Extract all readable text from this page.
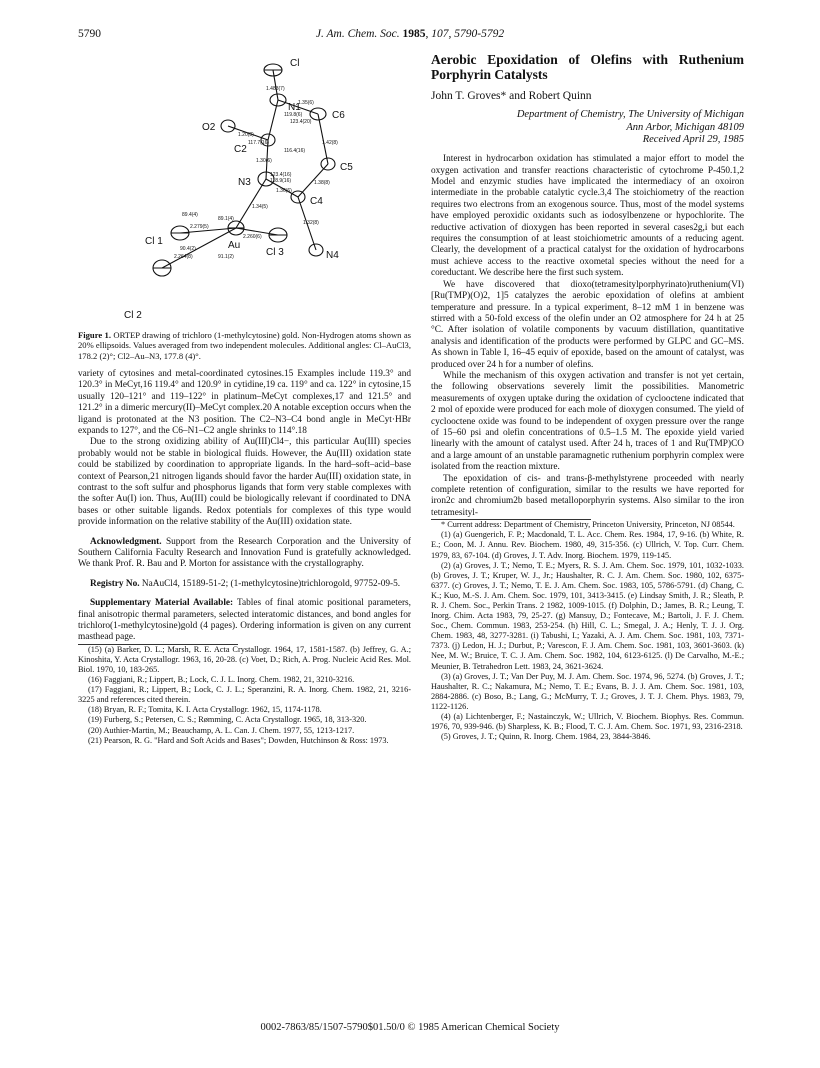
5790	J. Am. Chem. Soc. 1985, 107, 5790-5792
Cl
N1
C6
O2
C2
C5
N3
C4
Cl 1	Au
Cl 3	N4
Cl 2
1.483(7)
1.35(6)
1.20(8)
1.42(8)
1.30(6)
1.38(8)
1.36(6)
1.34(5)
1.32(8)
2.279(5)
2.260(6)
2.264(8)
119.8(6)
123.4(20)
117.7(16)
116.4(16)
123.4(16)
118.9(16)
89.4(4)
89.1(4)
90.4(2)
91.1(2)

Figure 1. ORTEP drawing of trichloro (1-methylcytosine) gold. Non-Hydrogen atoms shown as 20% ellipsoids. Values averaged from two independent molecules. Additional angles: Cl–AuCl3, 178.2 (2)°; Cl2–Au–N3, 177.8 (4)°.

variety of cytosines and metal-coordinated cytosines.15 Examples include 119.3° and 120.3° in MeCyt,16 119.4° and 120.9° in cytidine,19 ca. 119° and ca. 122° in cytosine,15 usually 120–121° and 119–122° in platinum–MeCyt complexes,17 and 121.5° and 121.2° in a dimeric mercury(II)–MeCyt complex.20 A notable exception occurs when the ligand is protonated at the N3 position. The C2–N3–C4 bond angle in MeCyt·HBr expands to 127°, and the C6–N1–C2 angle shrinks to 114°.18

Due to the strong oxidizing ability of Au(III)Cl4−, this particular Au(III) species probably would not be stable in biological fluids. However, the Au(III) oxidation state could be stabilized by coordination to appropriate ligands. In the hard–soft–acid–base context of Pearson,21 nitrogen ligands should favor the harder Au(III) oxidation state, in contrast to the soft sulfur and phosphorus ligands that form very stable complexes with the softer Au(I) ion. Thus, Au(III) could be biologically relevant if coordinated to DNA bases or other suitable ligands. Redox potentials for complexes of this type would provide information on the relative stability of the Au(III) oxidation state.

Acknowledgment. Support from the Research Corporation and the University of Southern California Faculty Research and Innovation Fund is gratefully acknowledged. We thank Prof. R. Bau and P. Morton for assistance with the crystallography.

Registry No. NaAuCl4, 15189-51-2; (1-methylcytosine)trichlorogold, 97752-09-5.

Supplementary Material Available: Tables of final atomic positional parameters, final anisotropic thermal parameters, selected interatomic distances, and bond angles for trichloro(1-methylcytosine)gold (4 pages). Ordering information is given on any current masthead page.

(15) (a) Barker, D. L.; Marsh, R. E. Acta Crystallogr. 1964, 17, 1581-1587. (b) Jeffrey, G. A.; Kinoshita, Y. Acta Crystallogr. 1963, 16, 20-28. (c) Voet, D.; Rich, A. Prog. Nucleic Acid Res. Mol. Biol. 1970, 10, 183-265.

(16) Faggiani, R.; Lippert, B.; Lock, C. J. L. Inorg. Chem. 1982, 21, 3210-3216.

(17) Faggiani, R.; Lippert, B.; Lock, C. J. L.; Speranzini, R. A. Inorg. Chem. 1982, 21, 3216-3225 and references cited therein.

(18) Bryan, R. F.; Tomita, K. I. Acta Crystallogr. 1962, 15, 1174-1178.

(19) Furberg, S.; Petersen, C. S.; Rømming, C. Acta Crystallogr. 1965, 18, 313-320.

(20) Authier-Martin, M.; Beauchamp, A. L. Can. J. Chem. 1977, 55, 1213-1217.

(21) Pearson, R. G. "Hard and Soft Acids and Bases"; Dowden, Hutchinson & Ross: 1973.

Aerobic Epoxidation of Olefins with Ruthenium Porphyrin Catalysts
John T. Groves* and Robert Quinn
Department of Chemistry, The University of Michigan
Ann Arbor, Michigan 48109
Received April 29, 1985

Interest in hydrocarbon oxidation has stimulated a major effort to model the oxygen activation and transfer reactions characteristic of cytochrome P-450.1,2 Model and enzymic studies have implicated the intermediacy of an oxoiron intermediate in the probable catalytic cycle.3,4 The stoichiometry of the reaction requires two electrons from an exogenous source. Thus, most of the model systems have employed peroxidic oxidants such as iodosylbenzene or hypochlorite. The reductive activation of dioxygen has been reported in several cases2g,i but each requires the consumption of at least stoichiometric amounts of a reducing agent. Clearly, the development of a practical catalyst for the oxidation of hydrocarbons must achieve access to the reactive oxometal species without the need for a coreductant. We describe here the first such system.

We have discovered that dioxo(tetramesitylporphyrinato)ruthenium(VI) [Ru(TMP)(O)2, 1]5 catalyzes the aerobic epoxidation of olefins at ambient temperature and pressure. In a typical experiment, 8–12 mM 1 in benzene was stirred with a 50-fold excess of the olefin under an O2 atmosphere for 24 h at 25 °C. After isolation of volatile components by vacuum distillation, quantitative analysis and identification of the products were performed by GLPC and GC–MS. As shown in Table I, 16–45 equiv of epoxide, based on the amount of catalyst, was produced over 24 h for a number of olefins.

While the mechanism of this oxygen activation and transfer is not yet certain, the following observations severely limit the possibilities. Manometric measurements of oxygen uptake during the oxidation of cyclooctene indicated that 2 mol of epoxide were produced for each mole of dioxygen consumed. The yield of cyclooctene oxide was found to be independent of oxygen pressure over the range of 15–60 psi and olefin concentrations of 0.5–1.5 M. The epoxide yield varied linearly with the amount of catalyst used. After 24 h, traces of 1 and Ru(TMP)CO and a large amount of an unstable paramagnetic ruthenium porphyrin complex were isolated from the reaction mixture.

The epoxidation of cis- and trans-β-methylstyrene proceeded with nearly complete retention of configuration, similar to the results we have reported for iron2c and chromium2b based metalloporphyrin systems. Also similar to the iron tetramesityl-

* Current address: Department of Chemistry, Princeton University, Princeton, NJ 08544.

(1) (a) Guengerich, F. P.; Macdonald, T. L. Acc. Chem. Res. 1984, 17, 9-16. (b) White, R. E.; Coon, M. J. Annu. Rev. Biochem. 1980, 49, 315-356. (c) Ullrich, V. Top. Curr. Chem. 1979, 83, 67-104. (d) Groves, J. T. Adv. Inorg. Biochem. 1979, 119-145.

(2) (a) Groves, J. T.; Nemo, T. E.; Myers, R. S. J. Am. Chem. Soc. 1979, 101, 1032-1033. (b) Groves, J. T.; Kruper, W. J., Jr.; Haushalter, R. C. J. Am. Chem. Soc. 1980, 102, 6375-6377. (c) Groves, J. T.; Nemo, T. E. J. Am. Chem. Soc. 1983, 105, 5786-5791. (d) Chang, C. K.; Kuo, M.-S. J. Am. Chem. Soc. 1979, 101, 3413-3415. (e) Lindsay Smith, J. R.; Sleath, P. R. J. Chem. Soc., Perkin Trans. 2 1982, 1009-1015. (f) Dolphin, D.; James, B. R.; Leung, T. Inorg. Chim. Acta 1983, 79, 25-27. (g) Mansuy, D.; Fontecave, M.; Bartoli, J. F. J. Chem. Soc., Chem. Commun. 1983, 253-254. (h) Hill, C. L.; Smegal, J. A.; Henly, T. J. J. Org. Chem. 1983, 48, 3277-3281. (i) Tabushi, I.; Yazaki, A. J. Am. Chem. Soc. 1981, 103, 7371-7373. (j) Ledon, H. J.; Durbut, P.; Varescon, F. J. Am. Chem. Soc. 1981, 103, 3601-3603. (k) Nee, M. W.; Bruice, T. C. J. Am. Chem. Soc. 1982, 104, 6123-6125. (l) De Carvalho, M.-E.; Meunier, B. Tetrahedron Lett. 1983, 24, 3621-3624.

(3) (a) Groves, J. T.; Van Der Puy, M. J. Am. Chem. Soc. 1974, 96, 5274. (b) Groves, J. T.; Haushalter, R. C.; Nakamura, M.; Nemo, T. E.; Evans, B. J. J. Am. Chem. Soc. 1981, 103, 2884-2886. (c) Boso, B.; Lang, G.; McMurry, T. J.; Groves, J. T. J. Chem. Phys. 1983, 79, 1122-1126.

(4) (a) Lichtenberger, F.; Nastainczyk, W.; Ullrich, V. Biochem. Biophys. Res. Commun. 1976, 70, 939-946. (b) Sharpless, K. B.; Flood, T. C. J. Am. Chem. Soc. 1971, 93, 2316-2318.

(5) Groves, J. T.; Quinn, R. Inorg. Chem. 1984, 23, 3844-3846.

0002-7863/85/1507-5790$01.50/0 © 1985 American Chemical Society
